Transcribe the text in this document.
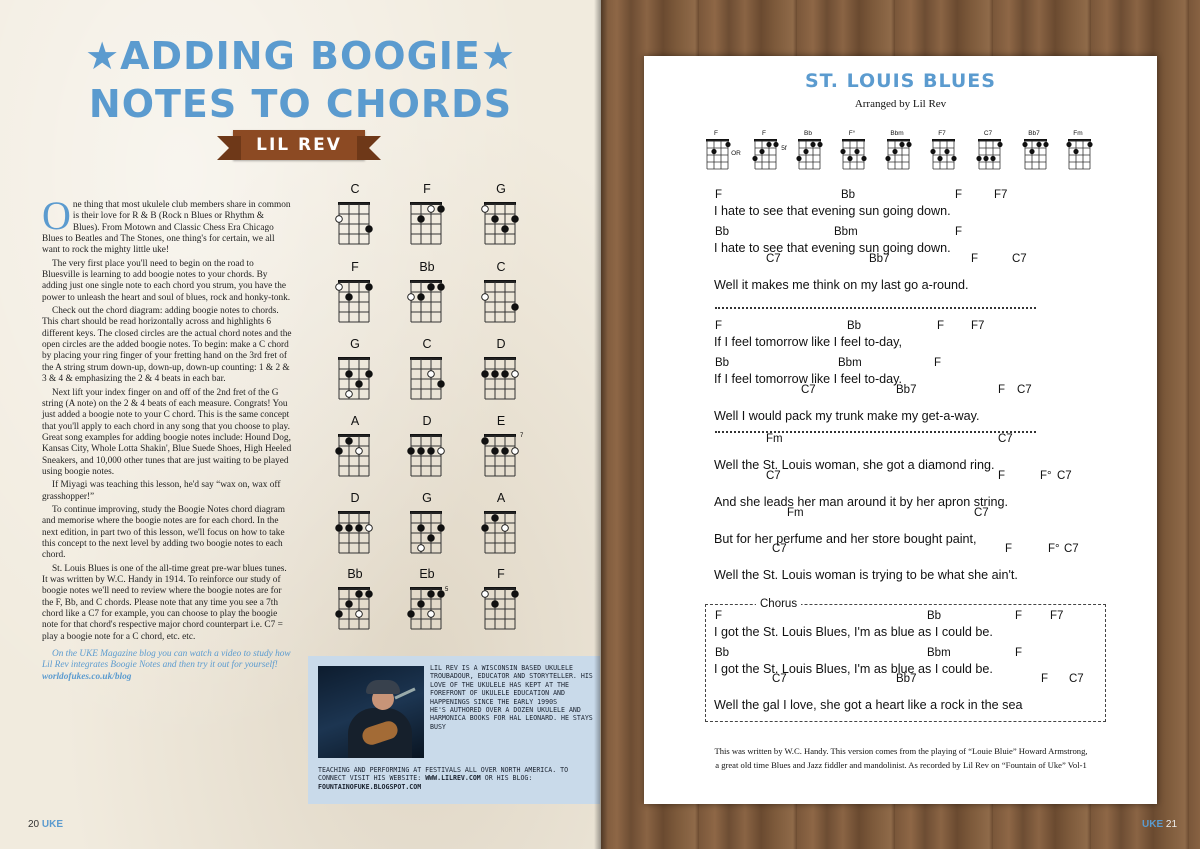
★ADDING BOOGIE★
NOTES TO CHORDS
LIL REV

One thing that most ukulele club members share in common is their love for R & B (Rock n Blues or Rhythm & Blues). From Motown and Classic Chess Era Chicago Blues to Beatles and The Stones, one thing's for certain, we all want to rock the mighty little uke!

The very first place you'll need to begin on the road to Bluesville is learning to add boogie notes to your chords. By adding just one single note to each chord you strum, you have the power to unleash the heart and soul of blues, rock and honky-tonk.

Check out the chord diagram: adding boogie notes to chords. This chart should be read horizontally across and highlights 6 different keys. The closed circles are the actual chord notes and the open circles are the added boogie notes. To begin: make a C chord by placing your ring finger of your fretting hand on the 3rd fret of the A string strum down-up, down-up, down-up counting: 1 & 2 & 3 & 4 & emphasizing the 2 & 4 beats in each bar.

Next lift your index finger on and off of the 2nd fret of the G string (A note) on the 2 & 4 beats of each measure. Congrats! You just added a boogie note to your C chord. This is the same concept that you'll apply to each chord in any song that you choose to play. Great song examples for adding boogie notes include: Hound Dog, Kansas City, Whole Lotta Shakin', Blue Suede Shoes, High Heeled Sneakers, and 10,000 other tunes that are just waiting to be played using boogie notes.

If Miyagi was teaching this lesson, he'd say “wax on, wax off grasshopper!”

To continue improving, study the Boogie Notes chord diagram and memorise where the boogie notes are for each chord. In the next edition, in part two of this lesson, we'll focus on how to take this concept to the next level by adding two boogie notes to each chord.

St. Louis Blues is one of the all-time great pre-war blues tunes. It was written by W.C. Handy in 1914. To reinforce our study of boogie notes we'll need to review where the boogie notes are for the F, Bb, and C chords. Please note that any time you see a 7th chord like a C7 for example, you can choose to play the boogie note for that chord's respective major chord counterpart i.e. C7 = play a boogie note for a C chord, etc. etc.

On the UKE Magazine blog you can watch a video to study how Lil Rev integrates Boogie Notes and then try it out for yourself! worldofukes.co.uk/blog

C	F	G
F	Bb	C
G	C	D
A	D	E
D	G	A
Bb	Eb	F
7
5
LIL REV IS A WISCONSIN BASED UKULELE TROUBADOUR, EDUCATOR AND STORYTELLER. HIS LOVE OF THE UKULELE HAS KEPT AT THE FOREFRONT OF UKULELE EDUCATION AND HAPPENINGS SINCE THE EARLY 1990S
HE'S AUTHORED OVER A DOZEN UKULELE AND HARMONICA BOOKS FOR HAL LEONARD. HE STAYS BUSY
TEACHING AND PERFORMING AT FESTIVALS ALL OVER NORTH AMERICA. TO CONNECT VISIT HIS WEBSITE: WWW.LILREV.COM OR HIS BLOG: FOUNTAINOFUKE.BLOGSPOT.COM
20 UKE	UKE 21
ST. LOUIS BLUES
Arranged by Lil Rev
F	F	Bb	F°	Bbm	F7	C7	Bb7	Fm
OR
5f
I hate to see that evening sun going down.
F	Bb	F	F7
I hate to see that evening sun going down.
Bb	Bbm	F
Well it makes me think on my last go a-round.
C7	Bb7	F	C7
If I feel tomorrow like I feel to-day,
F	Bb	F F7
If I feel tomorrow like I feel to-day.
Bb	Bbm	F
Well I would pack my trunk make my get-a-way.
C7	Bb7	F C7
Well the St. Louis woman, she got a diamond ring.
Fm	C7
And she leads her man around it by her apron string.
C7	F	F° C7
But for her perfume and her store bought paint,
Fm	C7
Well the St. Louis woman is trying to be what she ain't.
C7	F	F° C7
I got the St. Louis Blues, I'm as blue as I could be.
F	Bb	F F7
I got the St. Louis Blues, I'm as blue as I could be.
Bb	Bbm	F
Well the gal I love, she got a heart like a rock in the sea
C7	Bb7	F C7
Chorus
This was written by W.C. Handy. This version comes from the playing of “Louie Bluie” Howard Armstrong,
a great old time Blues and Jazz fiddler and mandolinist. As recorded by Lil Rev on “Fountain of Uke” Vol-1
